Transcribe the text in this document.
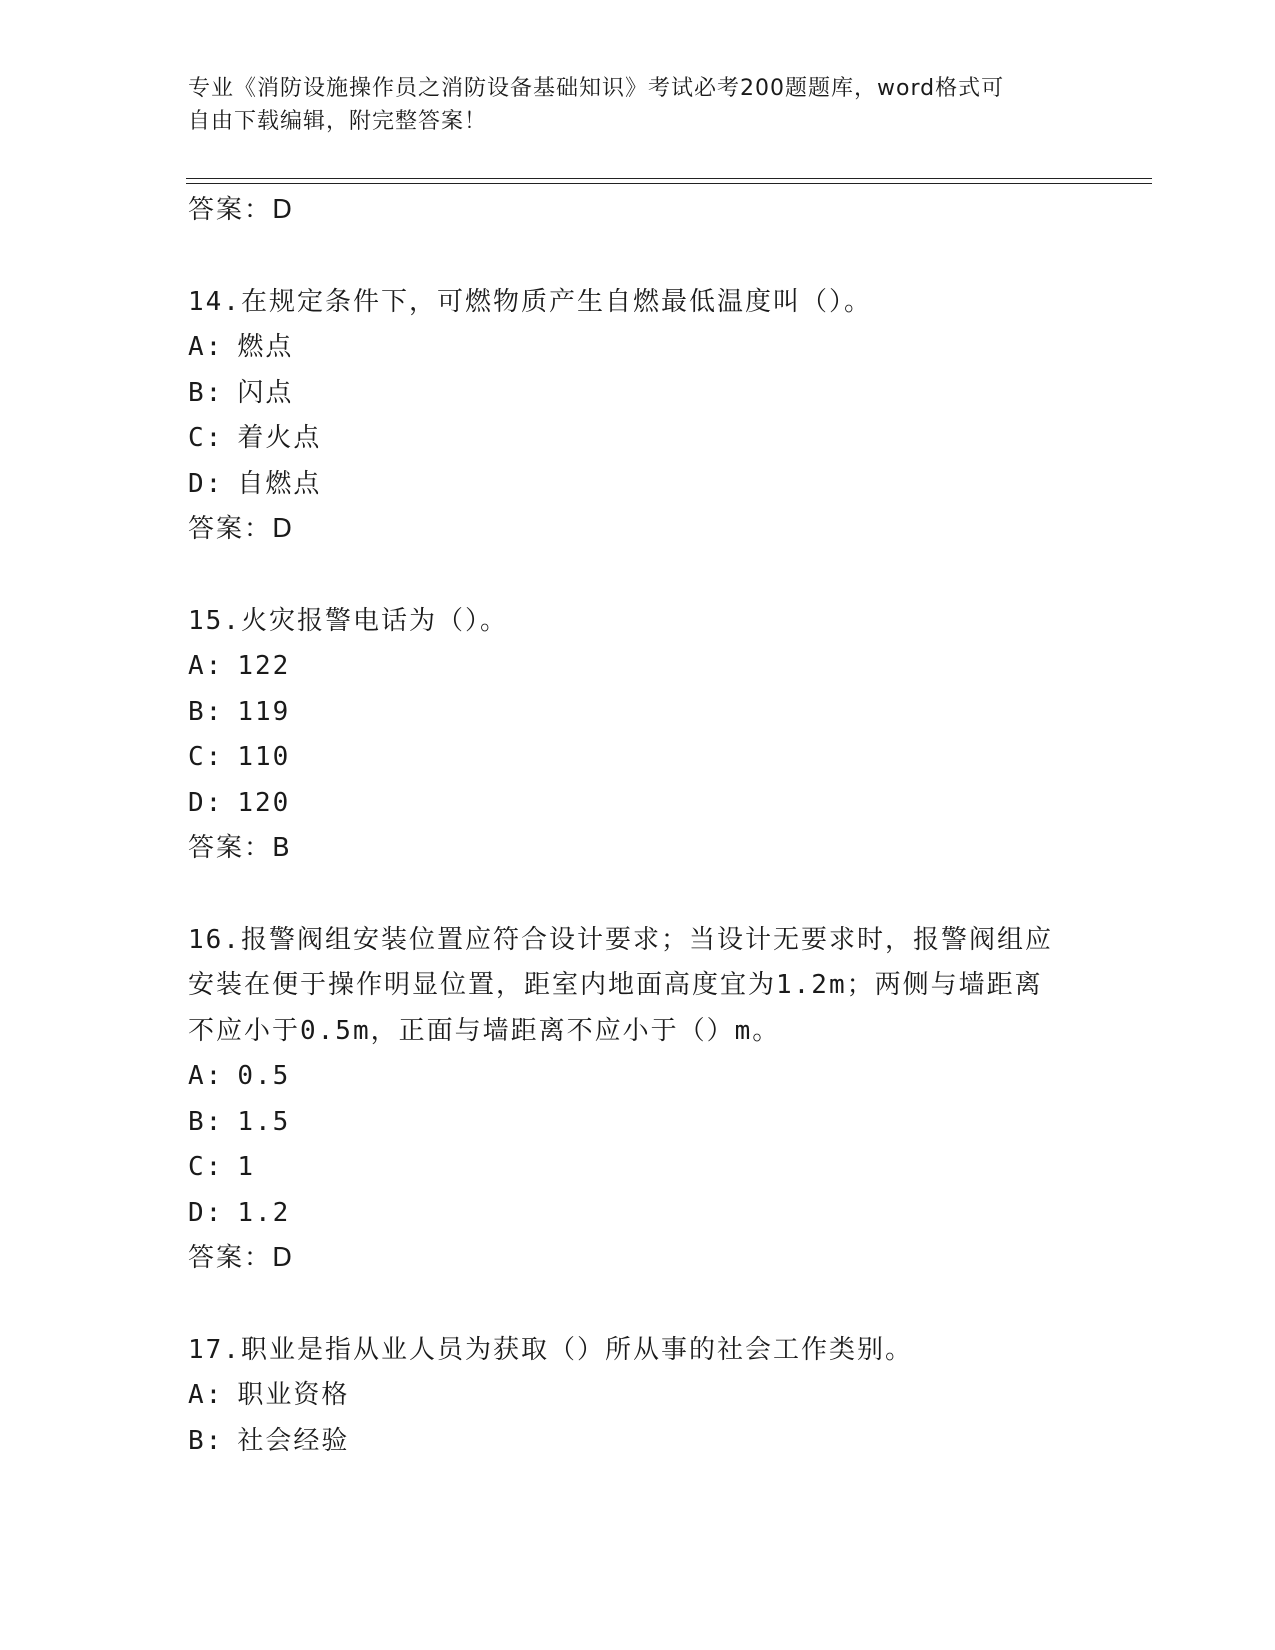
专业《消防设施操作员之消防设备基础知识》考试必考200题题库，word格式可
自由下载编辑，附完整答案！
答案：D
14.在规定条件下，可燃物质产生自燃最低温度叫（）。
A: 燃点
B: 闪点
C: 着火点
D: 自燃点
答案：D
15.火灾报警电话为（）。
A: 122
B: 119
C: 110
D: 120
答案：B
16.报警阀组安装位置应符合设计要求；当设计无要求时，报警阀组应
安装在便于操作明显位置，距室内地面高度宜为1.2m；两侧与墙距离
不应小于0.5m，正面与墙距离不应小于（）m。
A: 0.5
B: 1.5
C: 1
D: 1.2
答案：D
17.职业是指从业人员为获取（）所从事的社会工作类别。
A: 职业资格
B: 社会经验
